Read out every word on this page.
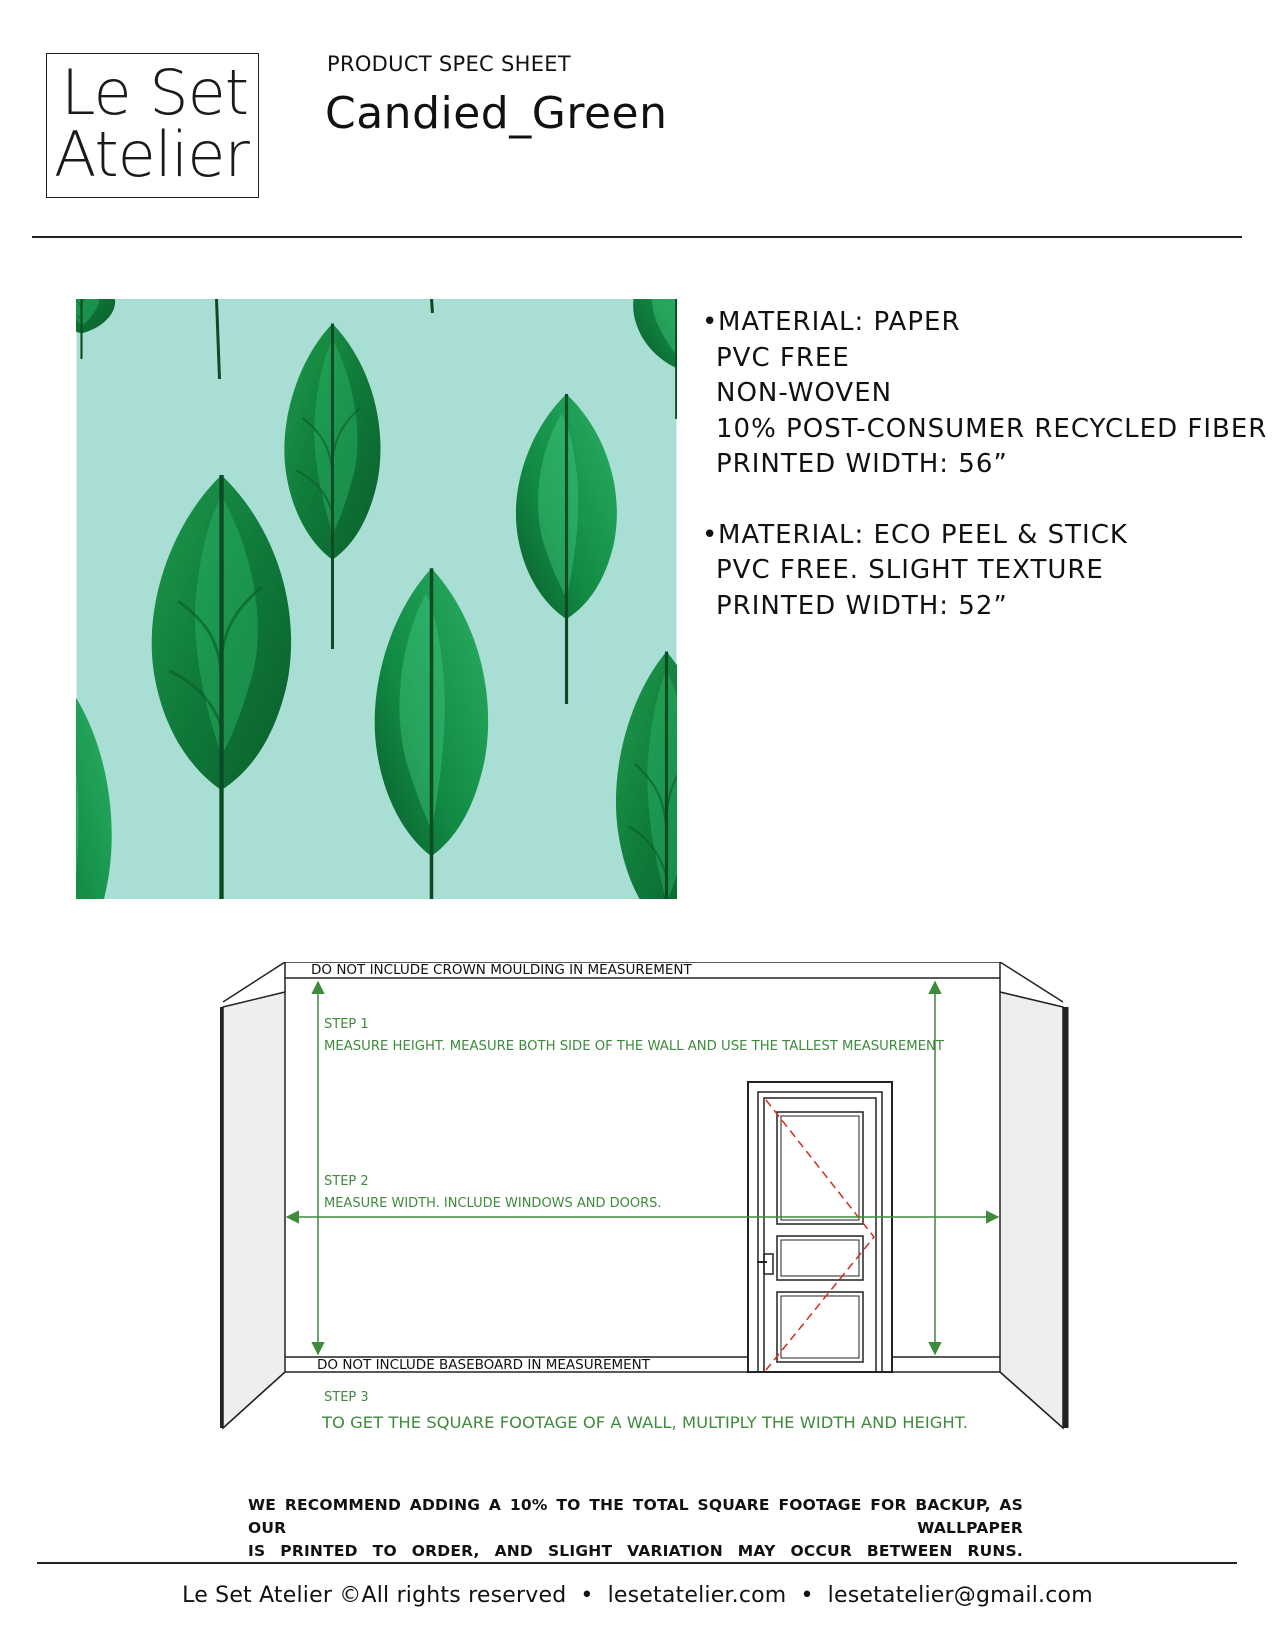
Le Set
Atelier
PRODUCT SPEC SHEET
Candied_Green
•MATERIAL: PAPER
PVC FREE
NON-WOVEN
10% POST-CONSUMER RECYCLED FIBER
PRINTED WIDTH: 56”
•MATERIAL: ECO PEEL & STICK
PVC FREE. SLIGHT TEXTURE
PRINTED WIDTH: 52”
DO NOT INCLUDE CROWN MOULDING IN MEASUREMENT
STEP 1
MEASURE HEIGHT. MEASURE BOTH SIDE OF THE WALL AND USE THE TALLEST MEASUREMENT
STEP 2
MEASURE WIDTH. INCLUDE WINDOWS AND DOORS.
DO NOT INCLUDE BASEBOARD IN MEASUREMENT
STEP 3
TO GET THE SQUARE FOOTAGE OF A WALL, MULTIPLY THE WIDTH AND HEIGHT.
WE RECOMMEND ADDING A 10% TO THE TOTAL SQUARE FOOTAGE FOR BACKUP, AS OUR WALLPAPER
IS PRINTED TO ORDER, AND SLIGHT VARIATION MAY OCCUR BETWEEN RUNS.
Le Set Atelier ©All rights reserved • lesetatelier.com • lesetatelier@gmail.com
